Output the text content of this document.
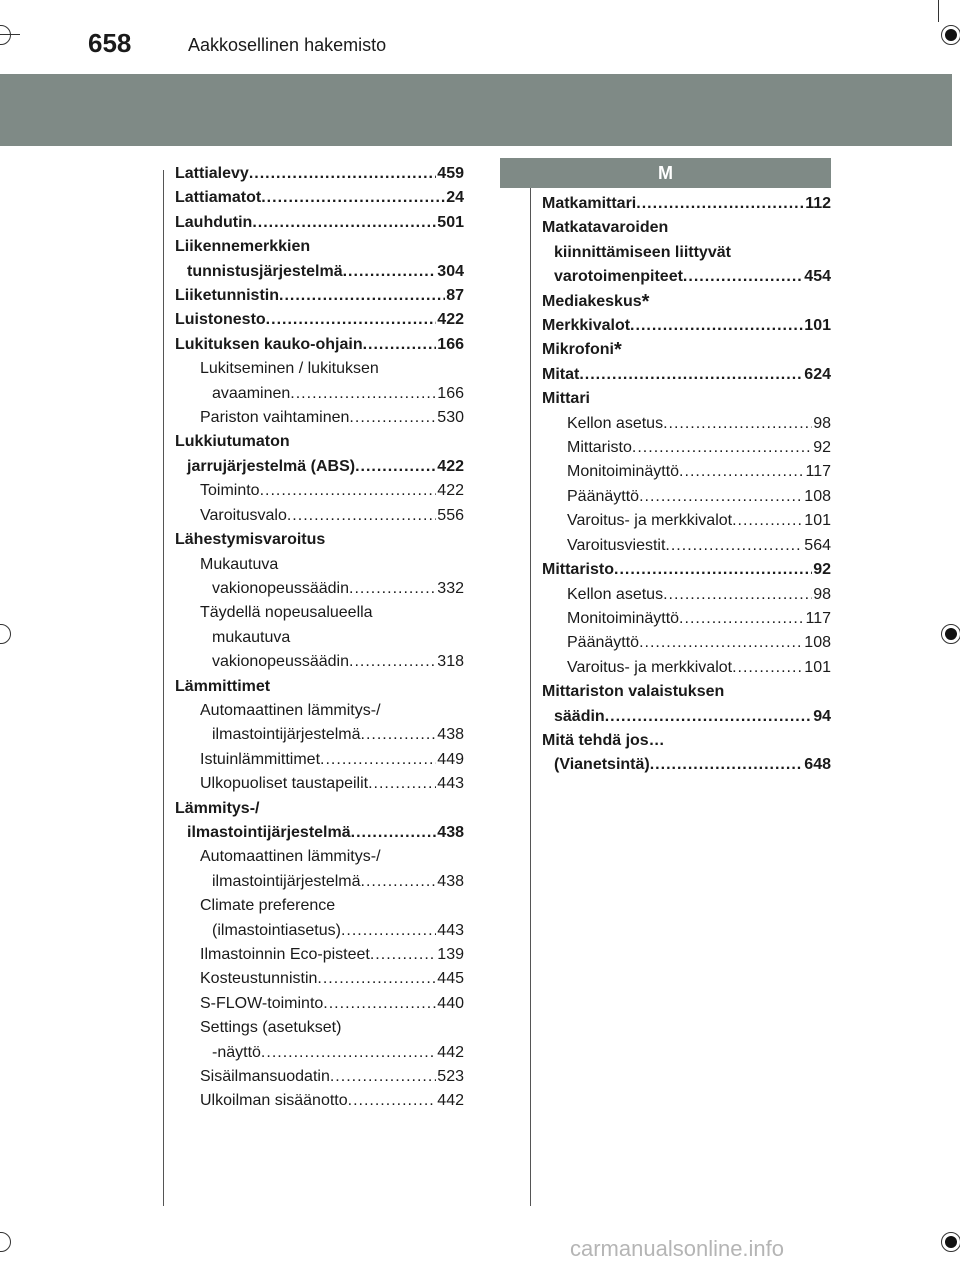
658	Aakkosellinen hakemisto
Lattialevy .....	459
Lattiamatot .....	24
Lauhdutin .....	501
Liikennemerkkien
tunnistusjärjestelmä .....	304
Liiketunnistin .....	87
Luistonesto .....	422
Lukituksen kauko-ohjain .....	166
Lukitseminen / lukituksen
avaaminen .....	166
Pariston vaihtaminen .....	530
Lukkiutumaton
jarrujärjestelmä (ABS) .....	422
Toiminto .....	422
Varoitusvalo .....	556
Lähestymisvaroitus
Mukautuva
vakionopeussäädin .....	332
Täydellä nopeusalueella
mukautuva
vakionopeussäädin .....	318
Lämmittimet
Automaattinen lämmitys-/
ilmastointijärjestelmä .....	438
Istuinlämmittimet .....	449
Ulkopuoliset taustapeilit .....	443
Lämmitys-/
ilmastointijärjestelmä .....	438
Automaattinen lämmitys-/
ilmastointijärjestelmä .....	438
Climate preference
(ilmastointiasetus) .....	443
Ilmastoinnin Eco-pisteet .....	139
Kosteustunnistin .....	445
S-FLOW-toiminto .....	440
Settings (asetukset)
-näyttö .....	442
Sisäilmansuodatin .....	523
Ulkoilman sisäänotto .....	442
M
Matkamittari .....	112
Matkatavaroiden
kiinnittämiseen liittyvät
varotoimenpiteet .....	454
Mediakeskus*
Merkkivalot .....	101
Mikrofoni*
Mitat .....	624
Mittari
Kellon asetus .....	98
Mittaristo .....	92
Monitoiminäyttö .....	117
Päänäyttö .....	108
Varoitus- ja merkkivalot .....	101
Varoitusviestit .....	564
Mittaristo .....	92
Kellon asetus .....	98
Monitoiminäyttö .....	117
Päänäyttö .....	108
Varoitus- ja merkkivalot .....	101
Mittariston valaistuksen
säädin .....	94
Mitä tehdä jos…
(Vianetsintä) .....	648
carmanualsonline.info
